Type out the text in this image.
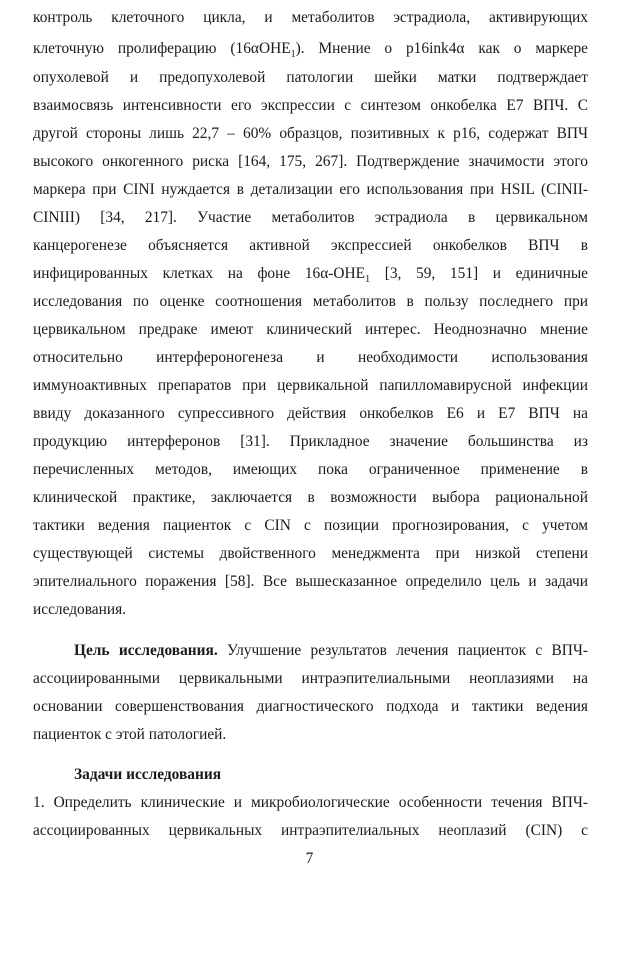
контроль клеточного цикла, и метаболитов эстрадиола, активирующих
клеточную пролиферацию (16αOHE$_1$). Мнение о p16ink4α как о маркере
опухолевой и предопухолевой патологии шейки матки подтверждает
взаимосвязь интенсивности его экспрессии с синтезом онкобелка Е7 ВПЧ. С
другой стороны лишь 22,7 – 60% образцов, позитивных к р16, содержат ВПЧ
высокого онкогенного риска [164, 175, 267]. Подтверждение значимости этого
маркера при CINI нуждается в детализации его использования при HSIL (CINII-
CINIII) [34, 217]. Участие метаболитов эстрадиола в цервикальном
канцерогенезе объясняется активной экспрессией онкобелков ВПЧ в
инфицированных клетках на фоне $16\alpha-OHE_1$ [3, 59, 151] и единичные
исследования по оценке соотношения метаболитов в пользу последнего при
цервикальном предраке имеют клинический интерес. Неоднозначно мнение
относительно интерфероногенеза и необходимости использования
иммуноактивных препаратов при цервикальной папилломавирусной инфекции
ввиду доказанного супрессивного действия онкобелков Е6 и Е7 ВПЧ на
продукцию интерферонов [31]. Прикладное значение большинства из
перечисленных методов, имеющих пока ограниченное применение в
клинической практике, заключается в возможности выбора рациональной
тактики ведения пациенток с CIN с позиции прогнозирования, с учетом
существующей системы двойственного менеджмента при низкой степени
эпителиального поражения [58]. Все вышесказанное определило цель и задачи
исследования.
Цель исследования. Улучшение результатов лечения пациенток с ВПЧ-
ассоциированными цервикальными интраэпителиальными неоплазиями на
основании совершенствования диагностического подхода и тактики ведения
пациенток с этой патологией.
Задачи исследования
1. Определить клинические и микробиологические особенности течения ВПЧ-
ассоциированных цервикальных интраэпителиальных неоплазий (CIN) с
7
